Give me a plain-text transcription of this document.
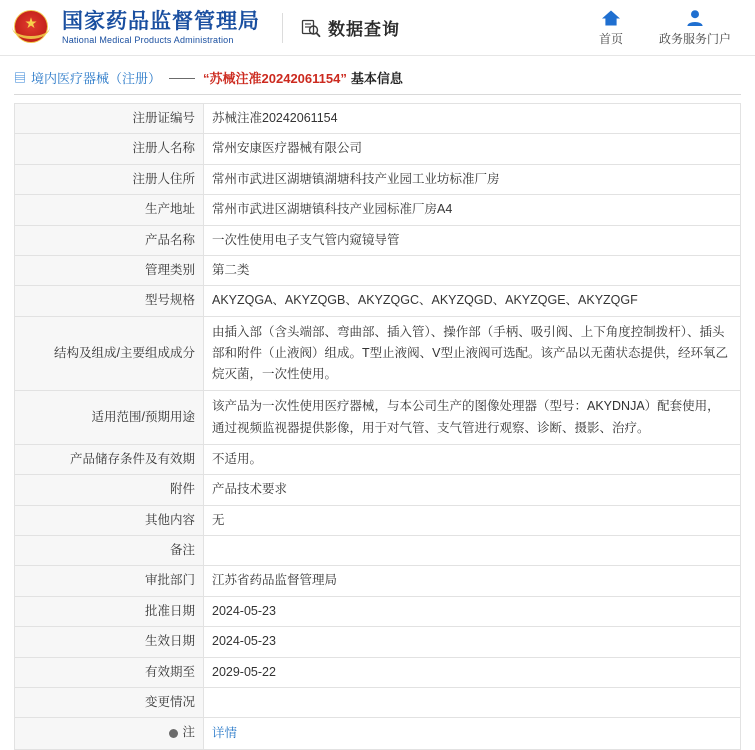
★ 国家药品监督管理局
National Medical Products Administration
数据查询	首页	政务服务门户
▤ 境内医疗器械（注册） —— “苏械注准20242061154” 基本信息
注册证编号	苏械注准20242061154
注册人名称	常州安康医疗器械有限公司
注册人住所	常州市武进区湖塘镇湖塘科技产业园工业坊标准厂房
生产地址	常州市武进区湖塘镇科技产业园标准厂房A4
产品名称	一次性使用电子支气管内窥镜导管
管理类别	第二类
型号规格	AKYZQGA、AKYZQGB、AKYZQGC、AKYZQGD、AKYZQGE、AKYZQGF
结构及组成/主要组成成分	由插入部（含头端部、弯曲部、插入管）、操作部（手柄、吸引阀、上下角度控制拨杆）、插头部和附件（止液阀）组成。T型止液阀、V型止液阀可选配。该产品以无菌状态提供，经环氧乙烷灭菌，一次性使用。
适用范围/预期用途	该产品为一次性使用医疗器械，与本公司生产的图像处理器（型号：AKYDNJA）配套使用，通过视频监视器提供影像，用于对气管、支气管进行观察、诊断、摄影、治疗。
产品储存条件及有效期	不适用。
附件	产品技术要求
其他内容	无
备注	
审批部门	江苏省药品监督管理局
批准日期	2024-05-23
生效日期	2024-05-23
有效期至	2029-05-22
变更情况	

注	详情
